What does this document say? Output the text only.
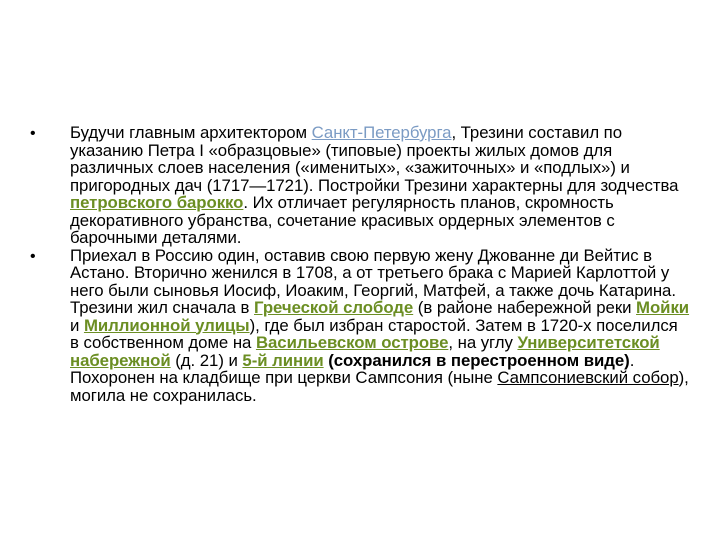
• Будучи главным архитектором Санкт-Петербурга, Трезини составил по указанию Петра I «образцовые» (типовые) проекты жилых домов для различных слоев населения («именитых», «зажиточных» и «подлых») и пригородных дач (1717—1721). Постройки Трезини характерны для зодчества петровского барокко. Их отличает регулярность планов, скромность декоративного убранства, сочетание красивых ордерных элементов с барочными деталями.
• Приехал в Россию один, оставив свою первую жену Джованне ди Вейтис в Астано. Вторично женился в 1708, а от третьего брака с Марией Карлоттой у него были сыновья Иосиф, Иоаким, Георгий, Матфей, а также дочь Катарина. Трезини жил сначала в Греческой слободе (в районе набережной реки Мойки и Миллионной улицы), где был избран старостой. Затем в 1720-х поселился в собственном доме на Васильевском острове, на углу Университетской набережной (д. 21) и 5-й линии (сохранился в перестроенном виде). Похоронен на кладбище при церкви Сампсония (ныне Сампсониевский собор), могила не сохранилась.
